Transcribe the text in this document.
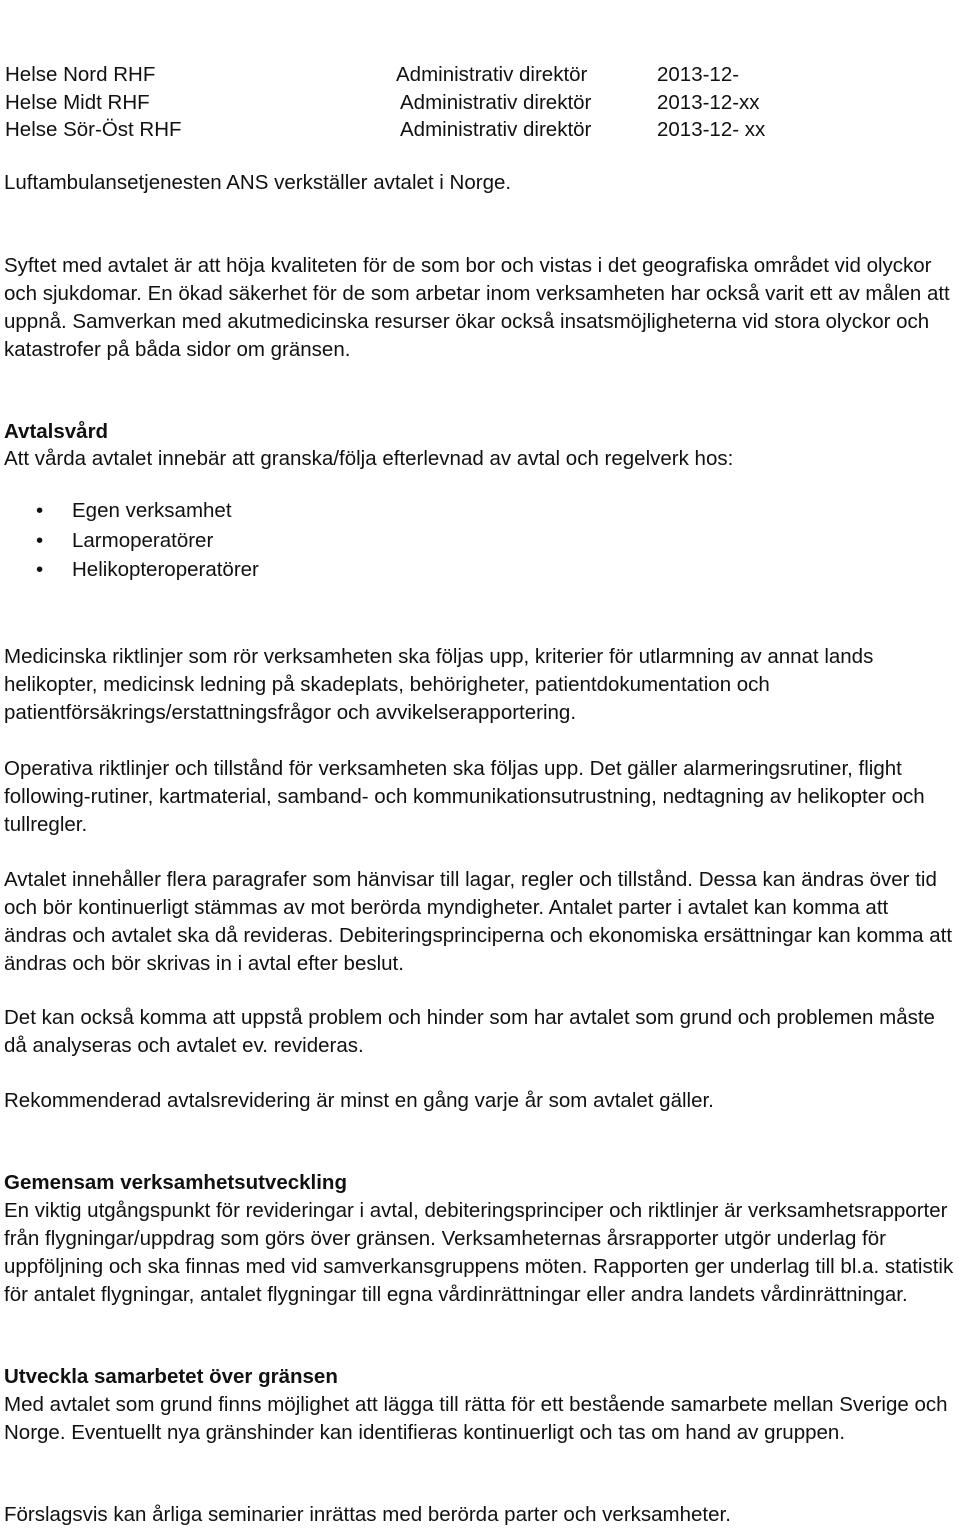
Helse Nord RHF	Administrativ direktör	2013-12-
Helse Midt RHF	Administrativ direktör	2013-12-xx
Helse Sör-Öst RHF	Administrativ direktör	2013-12- xx

Luftambulansetjenesten ANS verkställer avtalet i Norge.

Syftet med avtalet är att höja kvaliteten för de som bor och vistas i det geografiska området vid olyckor och sjukdomar. En ökad säkerhet för de som arbetar inom verksamheten har också varit ett av målen att uppnå. Samverkan med akutmedicinska resurser ökar också insatsmöjligheterna vid stora olyckor och katastrofer på båda sidor om gränsen.

Avtalsvård

Att vårda avtalet innebär att granska/följa efterlevnad av avtal och regelverk hos:

• Egen verksamhet
• Larmoperatörer
• Helikopteroperatörer

Medicinska riktlinjer som rör verksamheten ska följas upp, kriterier för utlarmning av annat lands helikopter, medicinsk ledning på skadeplats, behörigheter, patientdokumentation och patientförsäkrings/erstattningsfrågor och avvikelserapportering.

Operativa riktlinjer och tillstånd för verksamheten ska följas upp. Det gäller alarmeringsrutiner, flight following-rutiner, kartmaterial, samband- och kommunikationsutrustning, nedtagning av helikopter och tullregler.

Avtalet innehåller flera paragrafer som hänvisar till lagar, regler och tillstånd. Dessa kan ändras över tid och bör kontinuerligt stämmas av mot berörda myndigheter. Antalet parter i avtalet kan komma att ändras och avtalet ska då revideras. Debiteringsprinciperna och ekonomiska ersättningar kan komma att ändras och bör skrivas in i avtal efter beslut.

Det kan också komma att uppstå problem och hinder som har avtalet som grund och problemen måste då analyseras och avtalet ev. revideras.

Rekommenderad avtalsrevidering är minst en gång varje år som avtalet gäller.

Gemensam verksamhetsutveckling

En viktig utgångspunkt för revideringar i avtal, debiteringsprinciper och riktlinjer är verksamhetsrapporter från flygningar/uppdrag som görs över gränsen. Verksamheternas årsrapporter utgör underlag för uppföljning och ska finnas med vid samverkansgruppens möten. Rapporten ger underlag till bl.a. statistik för antalet flygningar, antalet flygningar till egna vårdinrättningar eller andra landets vårdinrättningar.

Utveckla samarbetet över gränsen

Med avtalet som grund finns möjlighet att lägga till rätta för ett bestående samarbete mellan Sverige och Norge. Eventuellt nya gränshinder kan identifieras kontinuerligt och tas om hand av gruppen.

Förslagsvis kan årliga seminarier inrättas med berörda parter och verksamheter.
